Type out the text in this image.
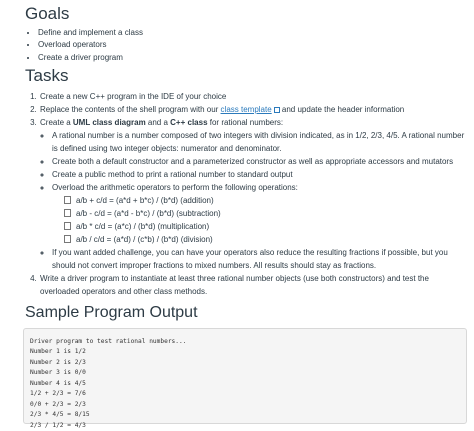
Goals
• Define and implement a class
• Overload operators
• Create a driver program
Tasks
1. Create a new C++ program in the IDE of your choice
2. Replace the contents of the shell program with our class template and update the header information
3. Create a UML class diagram and a C++ class for rational numbers:
◦ A rational number is a number composed of two integers with division indicated, as in 1/2, 2/3, 4/5. A rational number is defined using two integer objects: numerator and denominator.
◦ Create both a default constructor and a parameterized constructor as well as appropriate accessors and mutators
◦ Create a public method to print a rational number to standard output
◦ Overload the arithmetic operators to perform the following operations:
a/b + c/d = (a*d + b*c) / (b*d) (addition)
a/b - c/d = (a*d - b*c) / (b*d) (subtraction)
a/b * c/d = (a*c) / (b*d) (multiplication)
a/b / c/d = (a*d) / (c*b) / (b*d) (division)
◦ If you want added challenge, you can have your operators also reduce the resulting fractions if possible, but you should not convert improper fractions to mixed numbers. All results should stay as fractions.
4. Write a driver program to instantiate at least three rational number objects (use both constructors) and test the overloaded operators and other class methods.
Sample Program Output
Driver program to test rational numbers...
Number 1 is 1/2
Number 2 is 2/3
Number 3 is 0/0
Number 4 is 4/5
1/2 + 2/3 = 7/6
0/0 + 2/3 = 2/3
2/3 * 4/5 = 8/15
2/3 / 1/2 = 4/3
